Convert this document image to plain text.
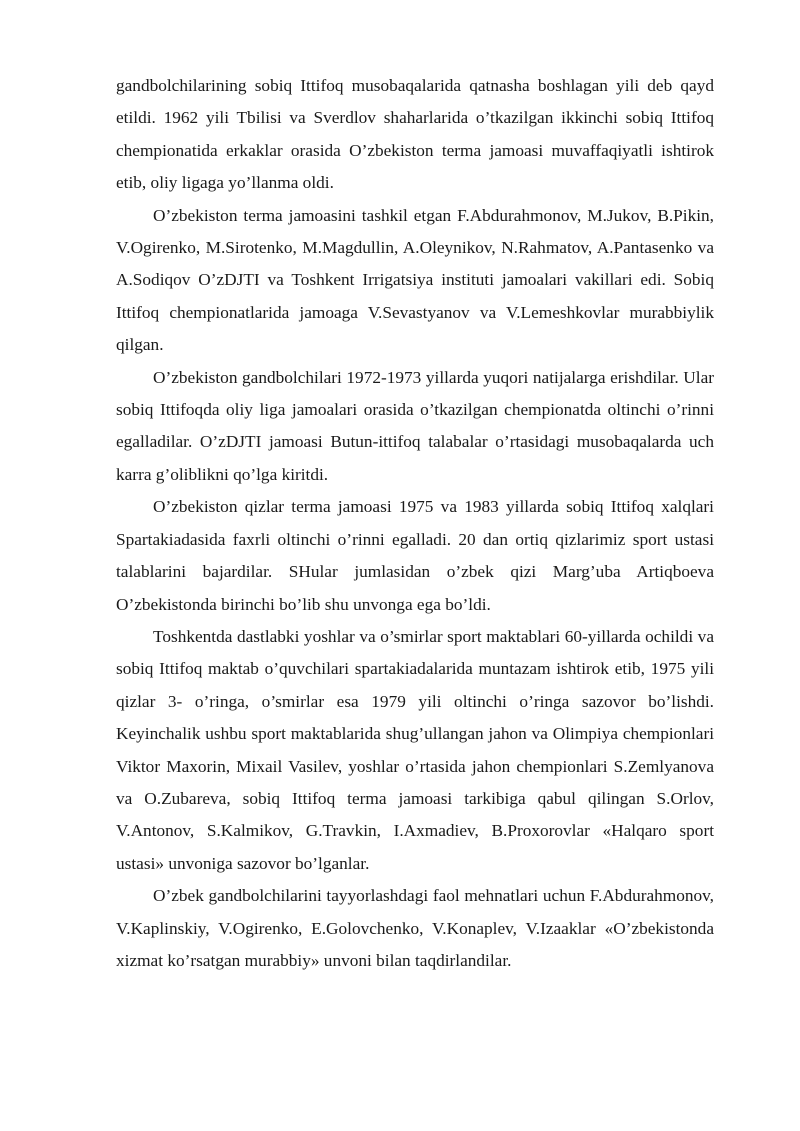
gandbolchilarining sobiq Ittifoq musobaqalarida qatnasha boshlagan yili deb qayd etildi. 1962 yili Tbilisi va Sverdlov shaharlarida o’tkazilgan ikkinchi sobiq Ittifoq chempionatida erkaklar orasida O’zbekiston terma jamoasi muvaffaqiyatli ishtirok etib, oliy ligaga yo’llanma oldi.

O’zbekiston terma jamoasini tashkil etgan F.Abdurahmonov, M.Jukov, B.Pikin, V.Ogirenko, M.Sirotenko, M.Magdullin, A.Oleynikov, N.Rahmatov, A.Pantasenko va A.Sodiqov O’zDJTI va Toshkent Irrigatsiya instituti jamoalari vakillari edi. Sobiq Ittifoq chempionatlarida jamoaga V.Sevastyanov va V.Lemeshkovlar murabbiylik qilgan.

O’zbekiston gandbolchilari 1972-1973 yillarda yuqori natijalarga erishdilar. Ular sobiq Ittifoqda oliy liga jamoalari orasida o’tkazilgan chempionatda oltinchi o’rinni egalladilar. O’zDJTI jamoasi Butun-ittifoq talabalar o’rtasidagi musobaqalarda uch karra g’oliblikni qo’lga kiritdi.

O’zbekiston qizlar terma jamoasi 1975 va 1983 yillarda sobiq Ittifoq xalqlari Spartakiadasida faxrli oltinchi o’rinni egalladi. 20 dan ortiq qizlarimiz sport ustasi talablarini bajardilar. SHular jumlasidan o’zbek qizi Marg’uba Artiqboeva O’zbekistonda birinchi bo’lib shu unvonga ega bo’ldi.

Toshkentda dastlabki yoshlar va o’smirlar sport maktablari 60-yillarda ochildi va sobiq Ittifoq maktab o’quvchilari spartakiadalarida muntazam ishtirok etib, 1975 yili qizlar 3- o’ringa, o’smirlar esa 1979 yili oltinchi o’ringa sazovor bo’lishdi. Keyinchalik ushbu sport maktablarida shug’ullangan jahon va Olimpiya chempionlari Viktor Maxorin, Mixail Vasilev, yoshlar o’rtasida jahon chempionlari S.Zemlyanova va O.Zubareva, sobiq Ittifoq terma jamoasi tarkibiga qabul qilingan S.Orlov, V.Antonov, S.Kalmikov, G.Travkin, I.Axmadiev, B.Proxorovlar «Halqaro sport ustasi» unvoniga sazovor bo’lganlar.

O’zbek gandbolchilarini tayyorlashdagi faol mehnatlari uchun F.Abdurahmonov, V.Kaplinskiy, V.Ogirenko, E.Golovchenko, V.Konaplev, V.Izaaklar «O’zbekistonda xizmat ko’rsatgan murabbiy» unvoni bilan taqdirlandilar.
